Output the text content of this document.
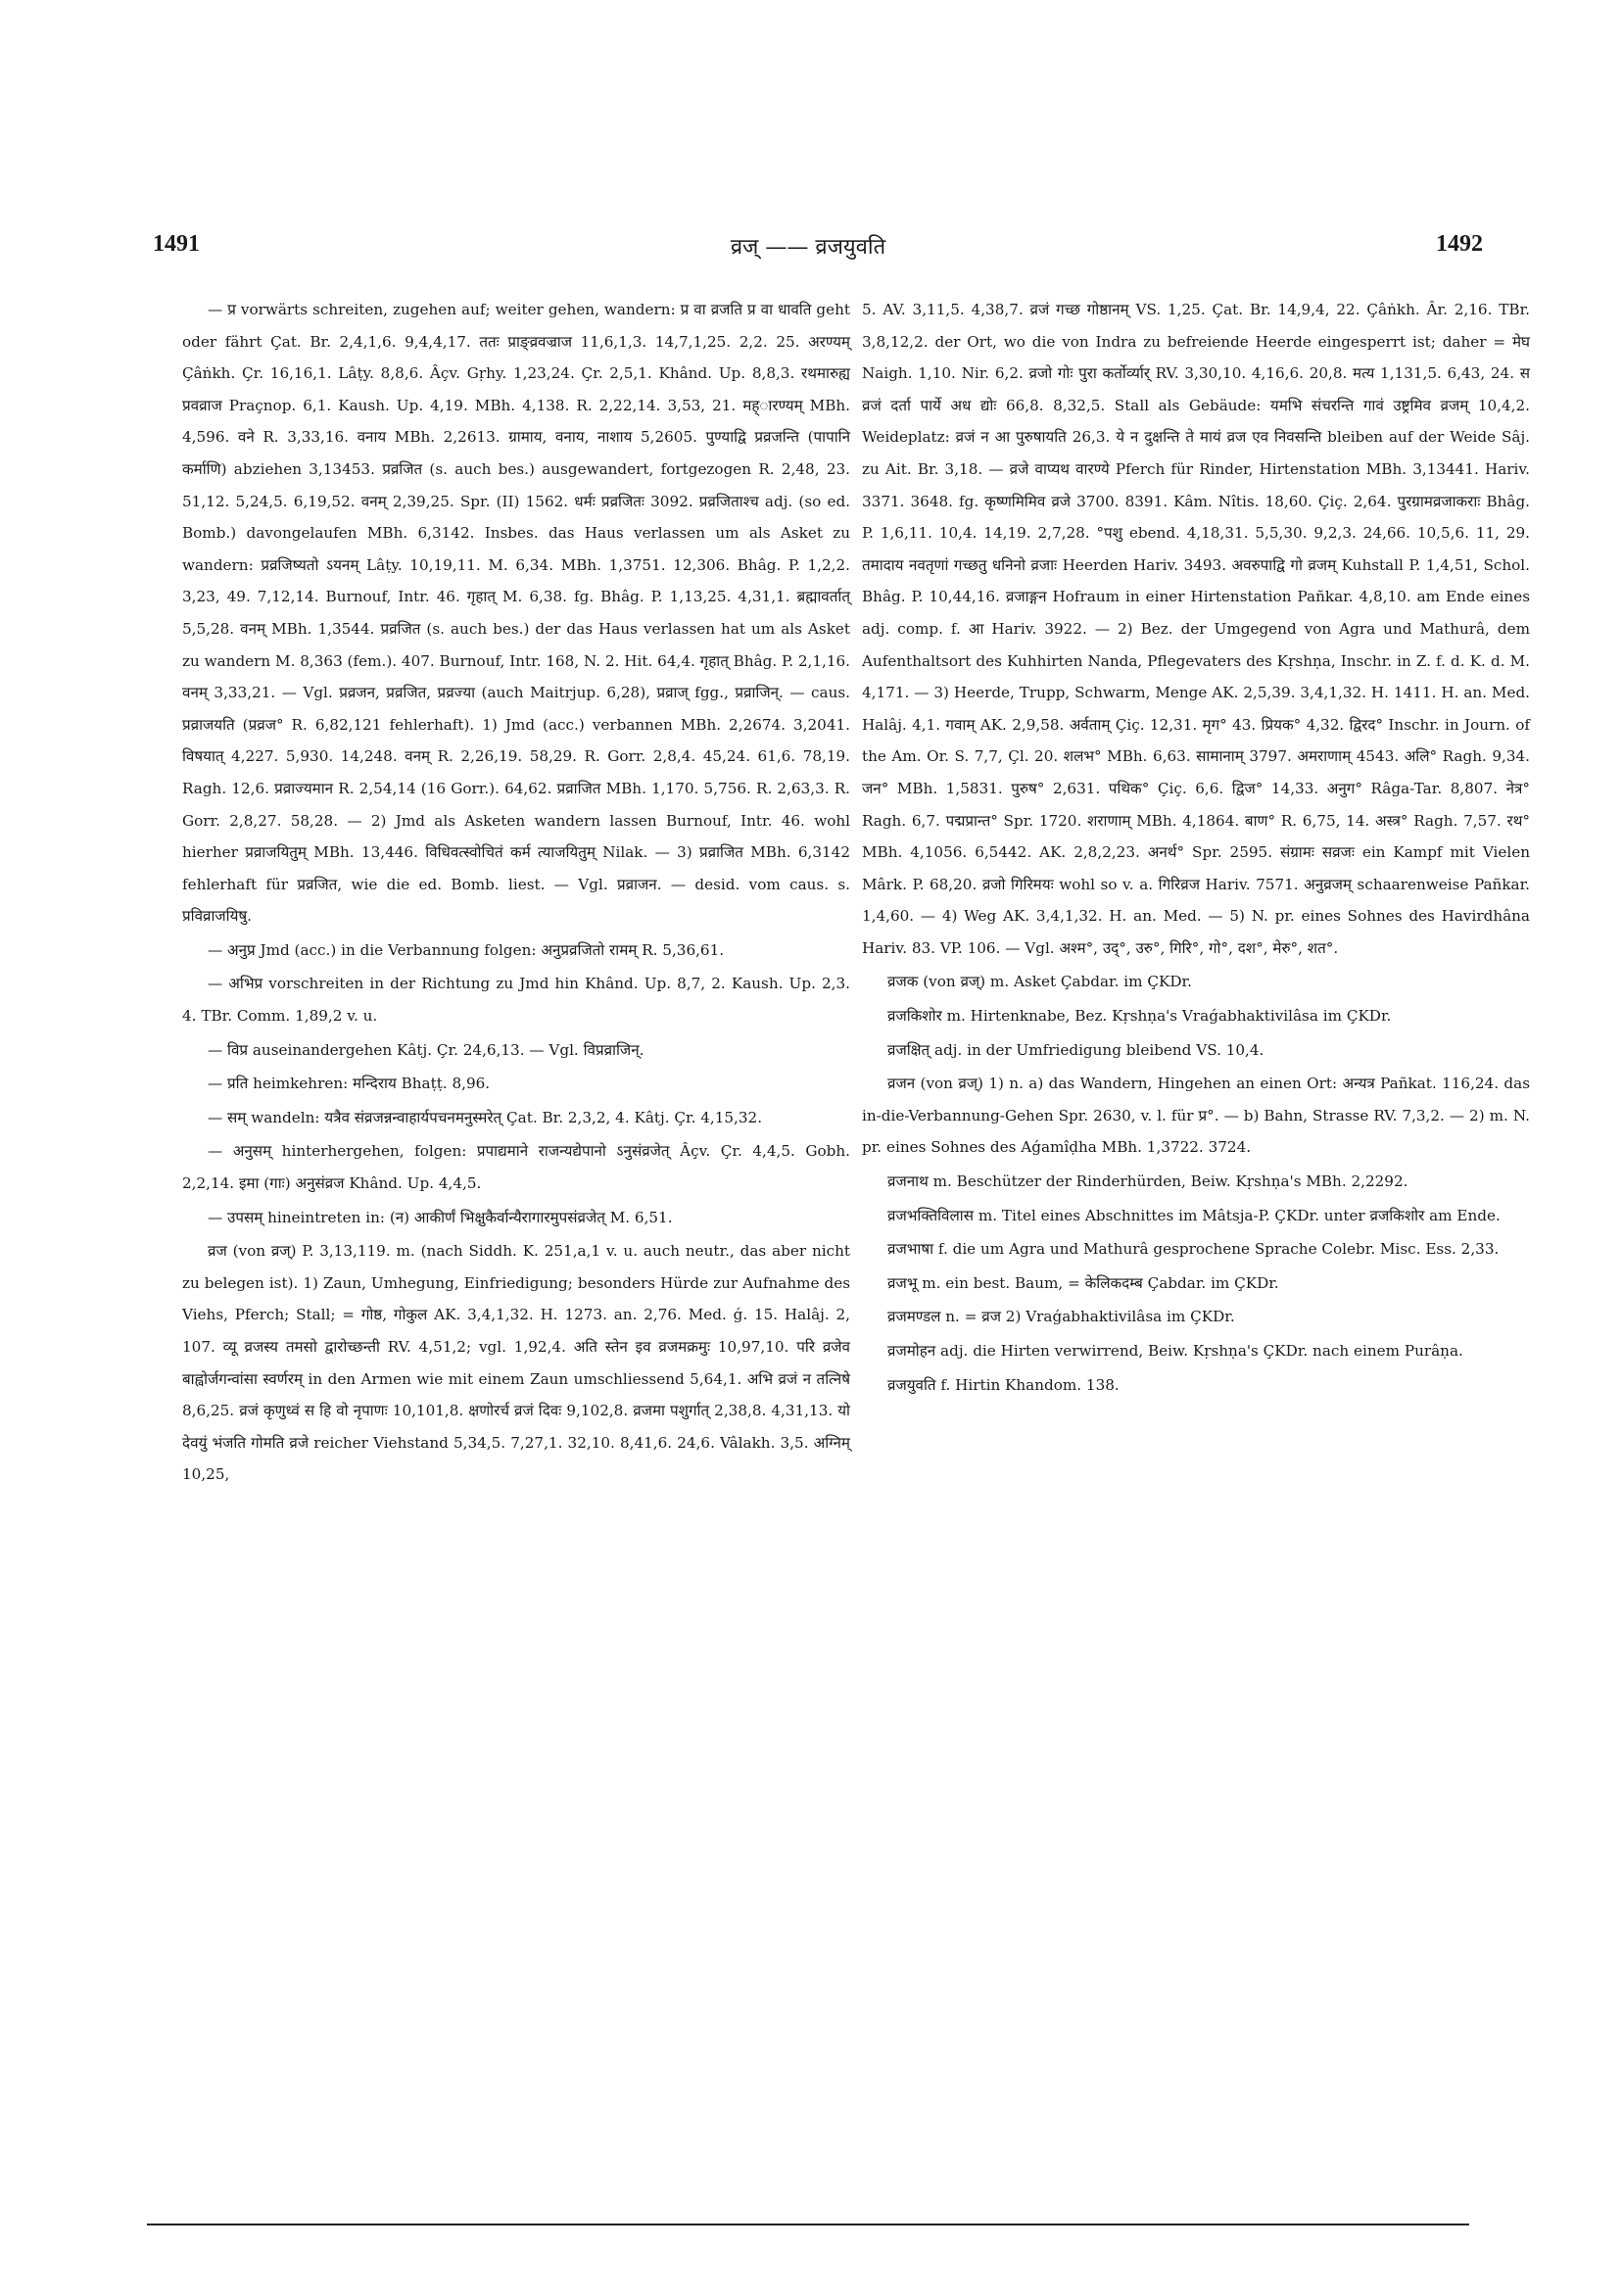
1491	व्रज् —— व्रजयुवति	1492

— प्र vorwärts schreiten, zugehen auf; weiter gehen, wandern: प्र वा व्रजति प्र वा धावति geht oder fährt Çat. Br. 2,4,1,6. 9,4,4,17. ततः प्राङ्व्रवज्राज 11,6,1,3. 14,7,1,25. 2,2. 25. अरण्यम् Çâṅkh. Çr. 16,16,1. Lâṭy. 8,8,6. Âçv. Gṛhy. 1,23,24. Çr. 2,5,1. Khând. Up. 8,8,3. रथमारुह्य प्रवव्राज Praçnop. 6,1. Kaush. Up. 4,19. MBh. 4,138. R. 2,22,14. 3,53, 21. मह्ारण्यम् MBh. 4,596. वने R. 3,33,16. वनाय MBh. 2,2613. ग्रामाय, वनाय, नाशाय 5,2605. पुण्याद्वि प्रव्रजन्ति (पापानि कर्माणि) abziehen 3,13453. प्रव्रजित (s. auch bes.) ausgewandert, fortgezogen R. 2,48, 23. 51,12. 5,24,5. 6,19,52. वनम् 2,39,25. Spr. (II) 1562. धर्मः प्रव्रजितः 3092. प्रव्रजिताश्च adj. (so ed. Bomb.) davongelaufen MBh. 6,3142. Insbes. das Haus verlassen um als Asket zu wandern: प्रव्रजिष्यतो ऽयनम् Lâṭy. 10,19,11. M. 6,34. MBh. 1,3751. 12,306. Bhâg. P. 1,2,2. 3,23, 49. 7,12,14. Burnouf, Intr. 46. गृहात् M. 6,38. fg. Bhâg. P. 1,13,25. 4,31,1. ब्रह्मावर्तात् 5,5,28. वनम् MBh. 1,3544. प्रव्रजित (s. auch bes.) der das Haus verlassen hat um als Asket zu wandern M. 8,363 (fem.). 407. Burnouf, Intr. 168, N. 2. Hit. 64,4. गृहात् Bhâg. P. 2,1,16. वनम् 3,33,21. — Vgl. प्रव्रजन, प्रव्रजित, प्रव्रज्या (auch Maitrjup. 6,28), प्रव्राज् fgg., प्रव्राजिन्. — caus. प्रव्राजयति (प्रव्रज° R. 6,82,121 fehlerhaft). 1) Jmd (acc.) verbannen MBh. 2,2674. 3,2041. विषयात् 4,227. 5,930. 14,248. वनम् R. 2,26,19. 58,29. R. Gorr. 2,8,4. 45,24. 61,6. 78,19. Ragh. 12,6. प्रव्राज्यमान R. 2,54,14 (16 Gorr.). 64,62. प्रव्राजित MBh. 1,170. 5,756. R. 2,63,3. R. Gorr. 2,8,27. 58,28. — 2) Jmd als Asketen wandern lassen Burnouf, Intr. 46. wohl hierher प्रव्राजयितुम् MBh. 13,446. विधिवत्स्वोचितं कर्म त्याजयितुम् Nilak. — 3) प्रव्राजित MBh. 6,3142 fehlerhaft für प्रव्रजित, wie die ed. Bomb. liest. — Vgl. प्रव्राजन. — desid. vom caus. s. प्रविव्राजयिषु.

— अनुप्र Jmd (acc.) in die Verbannung folgen: अनुप्रव्रजितो रामम् R. 5,36,61.

— अभिप्र vorschreiten in der Richtung zu Jmd hin Khând. Up. 8,7, 2. Kaush. Up. 2,3. 4. TBr. Comm. 1,89,2 v. u.

— विप्र auseinandergehen Kâtj. Çr. 24,6,13. — Vgl. विप्रव्राजिन्.

— प्रति heimkehren: मन्दिराय Bhaṭṭ. 8,96.

— सम् wandeln: यत्रैव संव्रजन्नन्वाहार्यपचनमनुस्मरेत् Çat. Br. 2,3,2, 4. Kâtj. Çr. 4,15,32.

— अनुसम् hinterhergehen, folgen: प्रपाद्यमाने राजन्यद्येपानो ऽनुसंव्रजेत् Âçv. Çr. 4,4,5. Gobh. 2,2,14. इमा (गाः) अनुसंव्रज Khând. Up. 4,4,5.

— उपसम् hineintreten in: (न) आकीर्णं भिक्षुकैर्वान्यैरागारमुपसंव्रजेत् M. 6,51.

व्रज (von व्रज्) P. 3,13,119. m. (nach Siddh. K. 251,a,1 v. u. auch neutr., das aber nicht zu belegen ist). 1) Zaun, Umhegung, Einfriedigung; besonders Hürde zur Aufnahme des Viehs, Pferch; Stall; = गोष्ठ, गोकुल AK. 3,4,1,32. H. 1273. an. 2,76. Med. ǵ. 15. Halâj. 2, 107. व्यू व्रजस्य तमसो द्वारोच्छन्ती RV. 4,51,2; vgl. 1,92,4. अति स्तेन इव व्रजमक्रमुः 10,97,10. परि व्रजेव बाह्वोर्जगन्वांसा स्वर्णरम् in den Armen wie mit einem Zaun umschliessend 5,64,1. अभि व्रजं न तत्निषे 8,6,25. व्रजं कृणुध्वं स हि वो नृपाणः 10,101,8. क्षणोरर्च व्रजं दिवः 9,102,8. व्रजमा पशुर्गात् 2,38,8. 4,31,13. यो देवयुं भंजति गोमति व्रजे reicher Viehstand 5,34,5. 7,27,1. 32,10. 8,41,6. 24,6. Vâlakh. 3,5. अग्निम् 10,25,

5. AV. 3,11,5. 4,38,7. व्रजं गच्छ गोष्ठानम् VS. 1,25. Çat. Br. 14,9,4, 22. Çâṅkh. Âr. 2,16. TBr. 3,8,12,2. der Ort, wo die von Indra zu befreiende Heerde eingesperrt ist; daher = मेघ Naigh. 1,10. Nir. 6,2. व्रजो गोः पुरा कर्तोर्व्यार् RV. 3,30,10. 4,16,6. 20,8. मत्य 1,131,5. 6,43, 24. स व्रजं दर्ता पार्ये अध द्योः 66,8. 8,32,5. Stall als Gebäude: यमभि संचरन्ति गावं उष्ट्रमिव व्रजम् 10,4,2. Weideplatz: व्रजं न आ पुरुषायति 26,3. ये न दुक्षन्ति ते मायं व्रज एव निवसन्ति bleiben auf der Weide Sâj. zu Ait. Br. 3,18. — व्रजे वाप्यथ वारण्ये Pferch für Rinder, Hirtenstation MBh. 3,13441. Hariv. 3371. 3648. fg. कृष्णमिमिव व्रजे 3700. 8391. Kâm. Nîtis. 18,60. Çiç. 2,64. पुरग्रामव्रजाकराः Bhâg. P. 1,6,11. 10,4. 14,19. 2,7,28. °पशु ebend. 4,18,31. 5,5,30. 9,2,3. 24,66. 10,5,6. 11, 29. तमादाय नवतृणां गच्छतु धनिनो व्रजाः Heerden Hariv. 3493. अवरुपाद्वि गो व्रजम् Kuhstall P. 1,4,51, Schol. Bhâg. P. 10,44,16. व्रजाङ्गन Hofraum in einer Hirtenstation Pañkar. 4,8,10. am Ende eines adj. comp. f. आ Hariv. 3922. — 2) Bez. der Umgegend von Agra und Mathurâ, dem Aufenthaltsort des Kuhhirten Nanda, Pflegevaters des Kṛshṇa, Inschr. in Z. f. d. K. d. M. 4,171. — 3) Heerde, Trupp, Schwarm, Menge AK. 2,5,39. 3,4,1,32. H. 1411. H. an. Med. Halâj. 4,1. गवाम् AK. 2,9,58. अर्वताम् Çiç. 12,31. मृग° 43. प्रियक° 4,32. द्विरद° Inschr. in Journ. of the Am. Or. S. 7,7, Çl. 20. शलभ° MBh. 6,63. सामानाम् 3797. अमराणाम् 4543. अलि° Ragh. 9,34. जन° MBh. 1,5831. पुरुष° 2,631. पथिक° Çiç. 6,6. द्विज° 14,33. अनुग° Râga-Tar. 8,807. नेत्र° Ragh. 6,7. पद्मप्रान्त° Spr. 1720. शराणाम् MBh. 4,1864. बाण° R. 6,75, 14. अस्त्र° Ragh. 7,57. रथ° MBh. 4,1056. 6,5442. AK. 2,8,2,23. अनर्थ° Spr. 2595. संग्रामः सव्रजः ein Kampf mit Vielen Mârk. P. 68,20. व्रजो गिरिमयः wohl so v. a. गिरिव्रज Hariv. 7571. अनुव्रजम् schaarenweise Pañkar. 1,4,60. — 4) Weg AK. 3,4,1,32. H. an. Med. — 5) N. pr. eines Sohnes des Havirdhâna Hariv. 83. VP. 106. — Vgl. अश्म°, उद्°, उरु°, गिरि°, गो°, दश°, मेरु°, शत°.

व्रजक (von व्रज्) m. Asket Çabdar. im ÇKDr.

व्रजकिशोर m. Hirtenknabe, Bez. Kṛshṇa's Vraǵabhaktivilâsa im ÇKDr.

व्रजक्षित् adj. in der Umfriedigung bleibend VS. 10,4.

व्रजन (von व्रज्) 1) n. a) das Wandern, Hingehen an einen Ort: अन्यत्र Pañkat. 116,24. das in-die-Verbannung-Gehen Spr. 2630, v. l. für प्र°. — b) Bahn, Strasse RV. 7,3,2. — 2) m. N. pr. eines Sohnes des Aǵamîḍha MBh. 1,3722. 3724.

व्रजनाथ m. Beschützer der Rinderhürden, Beiw. Kṛshṇa's MBh. 2,2292.

व्रजभक्तिविलास m. Titel eines Abschnittes im Mâtsja-P. ÇKDr. unter व्रजकिशोर am Ende.

व्रजभाषा f. die um Agra und Mathurâ gesprochene Sprache Colebr. Misc. Ess. 2,33.

व्रजभू m. ein best. Baum, = केलिकदम्ब Çabdar. im ÇKDr.

व्रजमण्डल n. = व्रज 2) Vraǵabhaktivilâsa im ÇKDr.

व्रजमोहन adj. die Hirten verwirrend, Beiw. Kṛshṇa's ÇKDr. nach einem Purâṇa.

व्रजयुवति f. Hirtin Khandom. 138.
